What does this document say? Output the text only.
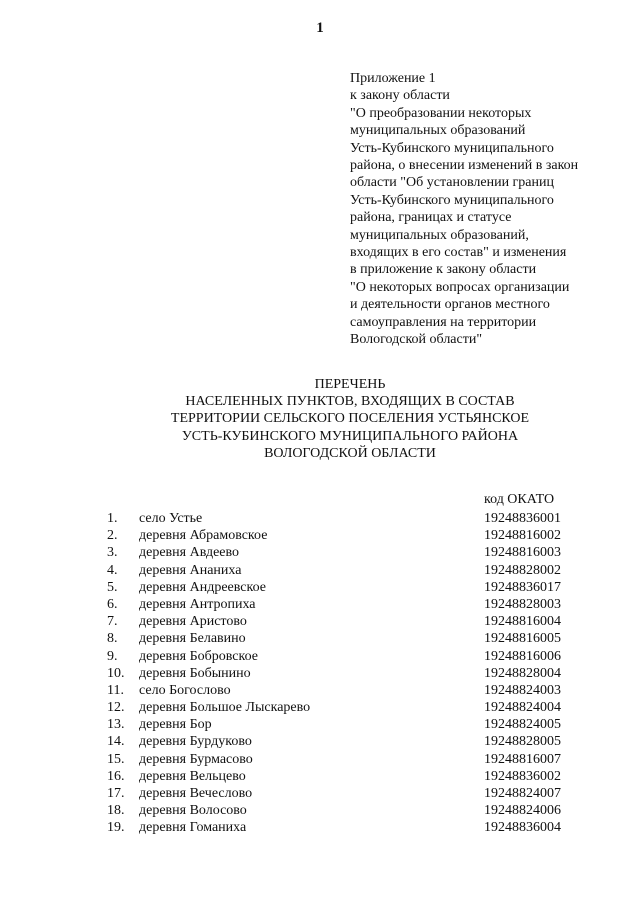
1
Приложение 1
к закону области
"О преобразовании некоторых
муниципальных образований
Усть-Кубинского муниципального
района, о внесении изменений в закон
области "Об установлении границ
Усть-Кубинского муниципального
района, границах и статусе
муниципальных образований,
входящих в его состав" и изменения
в приложение к закону области
"О некоторых вопросах организации
и деятельности органов местного
самоуправления на территории
Вологодской области"
ПЕРЕЧЕНЬ
НАСЕЛЕННЫХ ПУНКТОВ, ВХОДЯЩИХ В СОСТАВ
ТЕРРИТОРИИ СЕЛЬСКОГО ПОСЕЛЕНИЯ УСТЬЯНСКОЕ
УСТЬ-КУБИНСКОГО МУНИЦИПАЛЬНОГО РАЙОНА
ВОЛОГОДСКОЙ ОБЛАСТИ
код ОКАТО
1. село Устье	19248836001
2. деревня Абрамовское	19248816002
3. деревня Авдеево	19248816003
4. деревня Ананиха	19248828002
5. деревня Андреевское	19248836017
6. деревня Антропиха	19248828003
7. деревня Аристово	19248816004
8. деревня Белавино	19248816005
9. деревня Бобровское	19248816006
10. деревня Бобынино	19248828004
11. село Богослово	19248824003
12. деревня Большое Лыскарево	19248824004
13. деревня Бор	19248824005
14. деревня Бурдуково	19248828005
15. деревня Бурмасово	19248816007
16. деревня Вельцево	19248836002
17. деревня Вечеслово	19248824007
18. деревня Волосово	19248824006
19. деревня Гоманиха	19248836004
